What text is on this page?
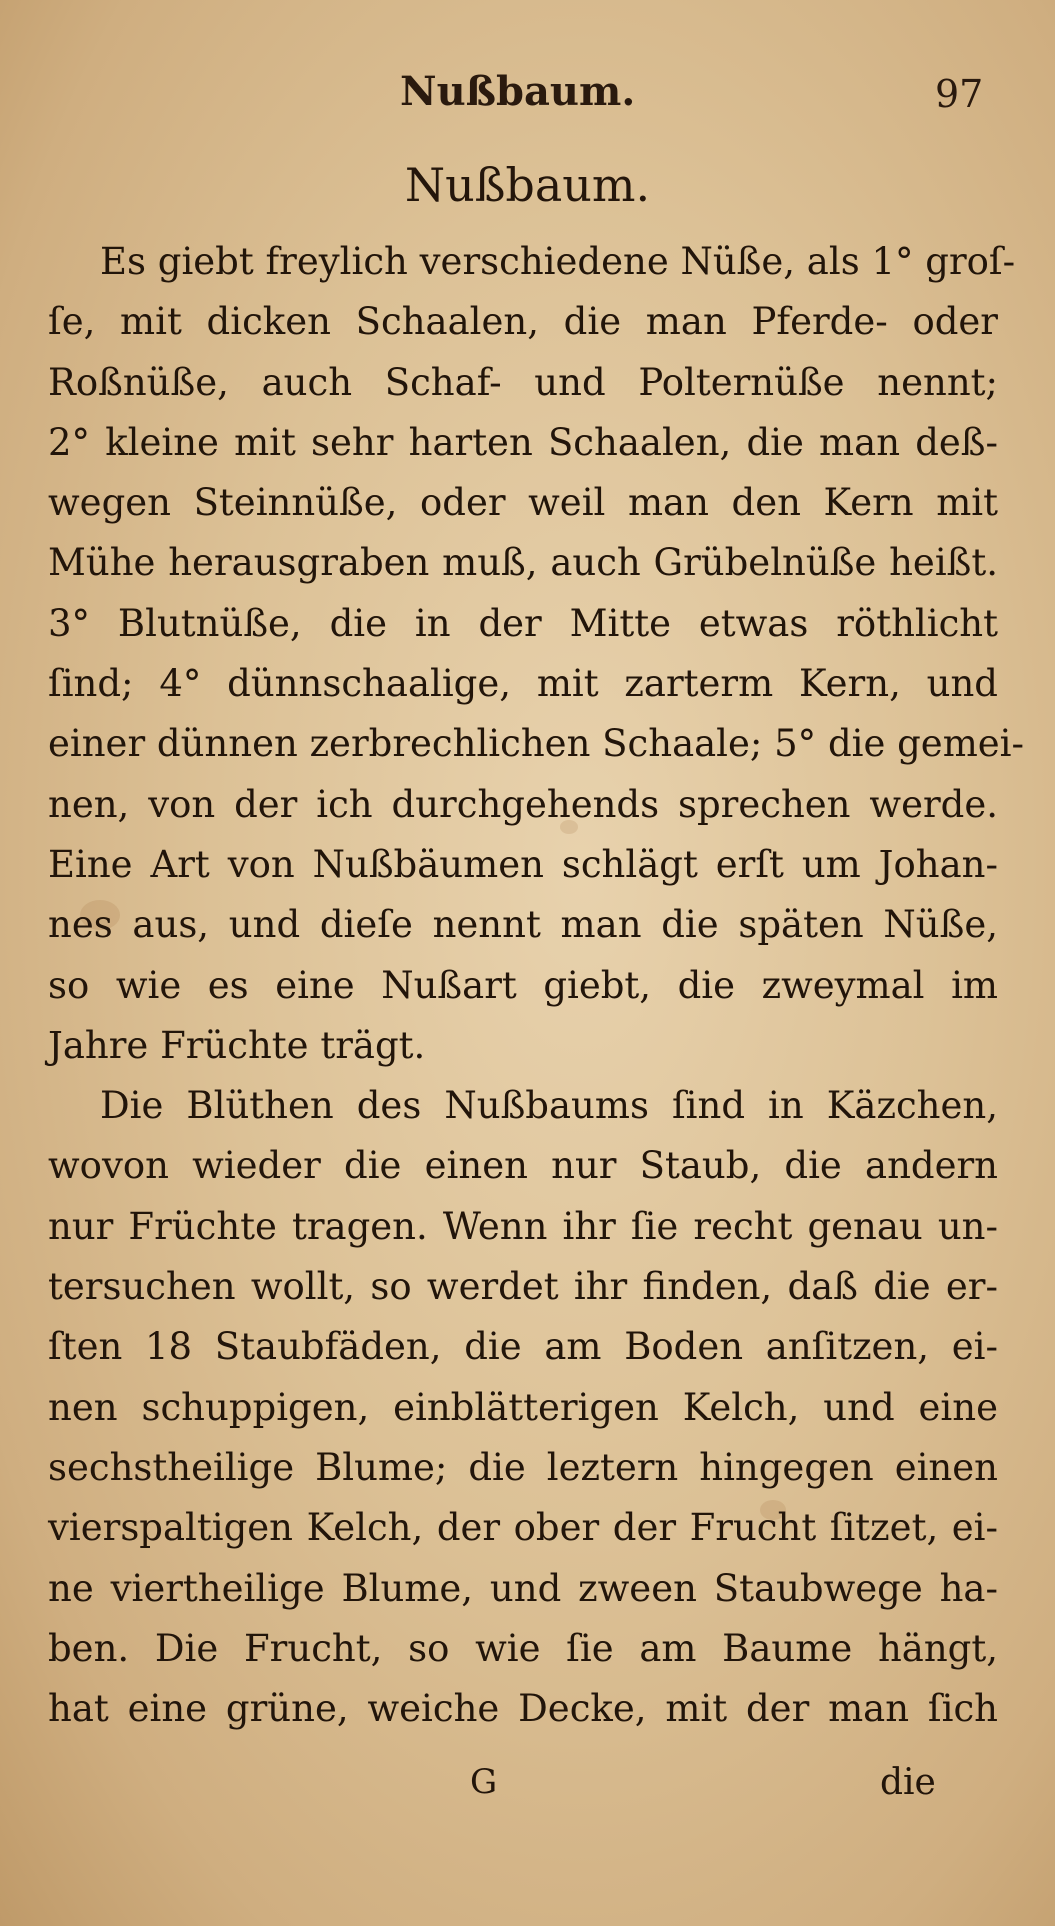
Nußbaum.	97
Nußbaum.
Es giebt freylich verschiedene Nüße, als 1° groſ-
ſe, mit dicken Schaalen, die man Pferde- oder
Roßnüße, auch Schaf- und Polternüße nennt;
2° kleine mit sehr harten Schaalen, die man deß-
wegen Steinnüße, oder weil man den Kern mit
Mühe herausgraben muß, auch Grübelnüße heißt.
3° Blutnüße, die in der Mitte etwas röthlicht
ſind; 4° dünnschaalige, mit zarterm Kern, und
einer dünnen zerbrechlichen Schaale; 5° die gemei-
nen, von der ich durchgehends sprechen werde.
Eine Art von Nußbäumen schlägt erſt um Johan-
nes aus, und dieſe nennt man die späten Nüße,
so wie es eine Nußart giebt, die zweymal im
Jahre Früchte trägt.
Die Blüthen des Nußbaums ſind in Käzchen,
wovon wieder die einen nur Staub, die andern
nur Früchte tragen. Wenn ihr ſie recht genau un-
tersuchen wollt, so werdet ihr finden, daß die er-
ſten 18 Staubfäden, die am Boden anſitzen, ei-
nen schuppigen, einblätterigen Kelch, und eine
sechstheilige Blume; die leztern hingegen einen
vierspaltigen Kelch, der ober der Frucht ſitzet, ei-
ne viertheilige Blume, und zween Staubwege ha-
ben. Die Frucht, so wie ſie am Baume hängt,
hat eine grüne, weiche Decke, mit der man ſich
G	die
